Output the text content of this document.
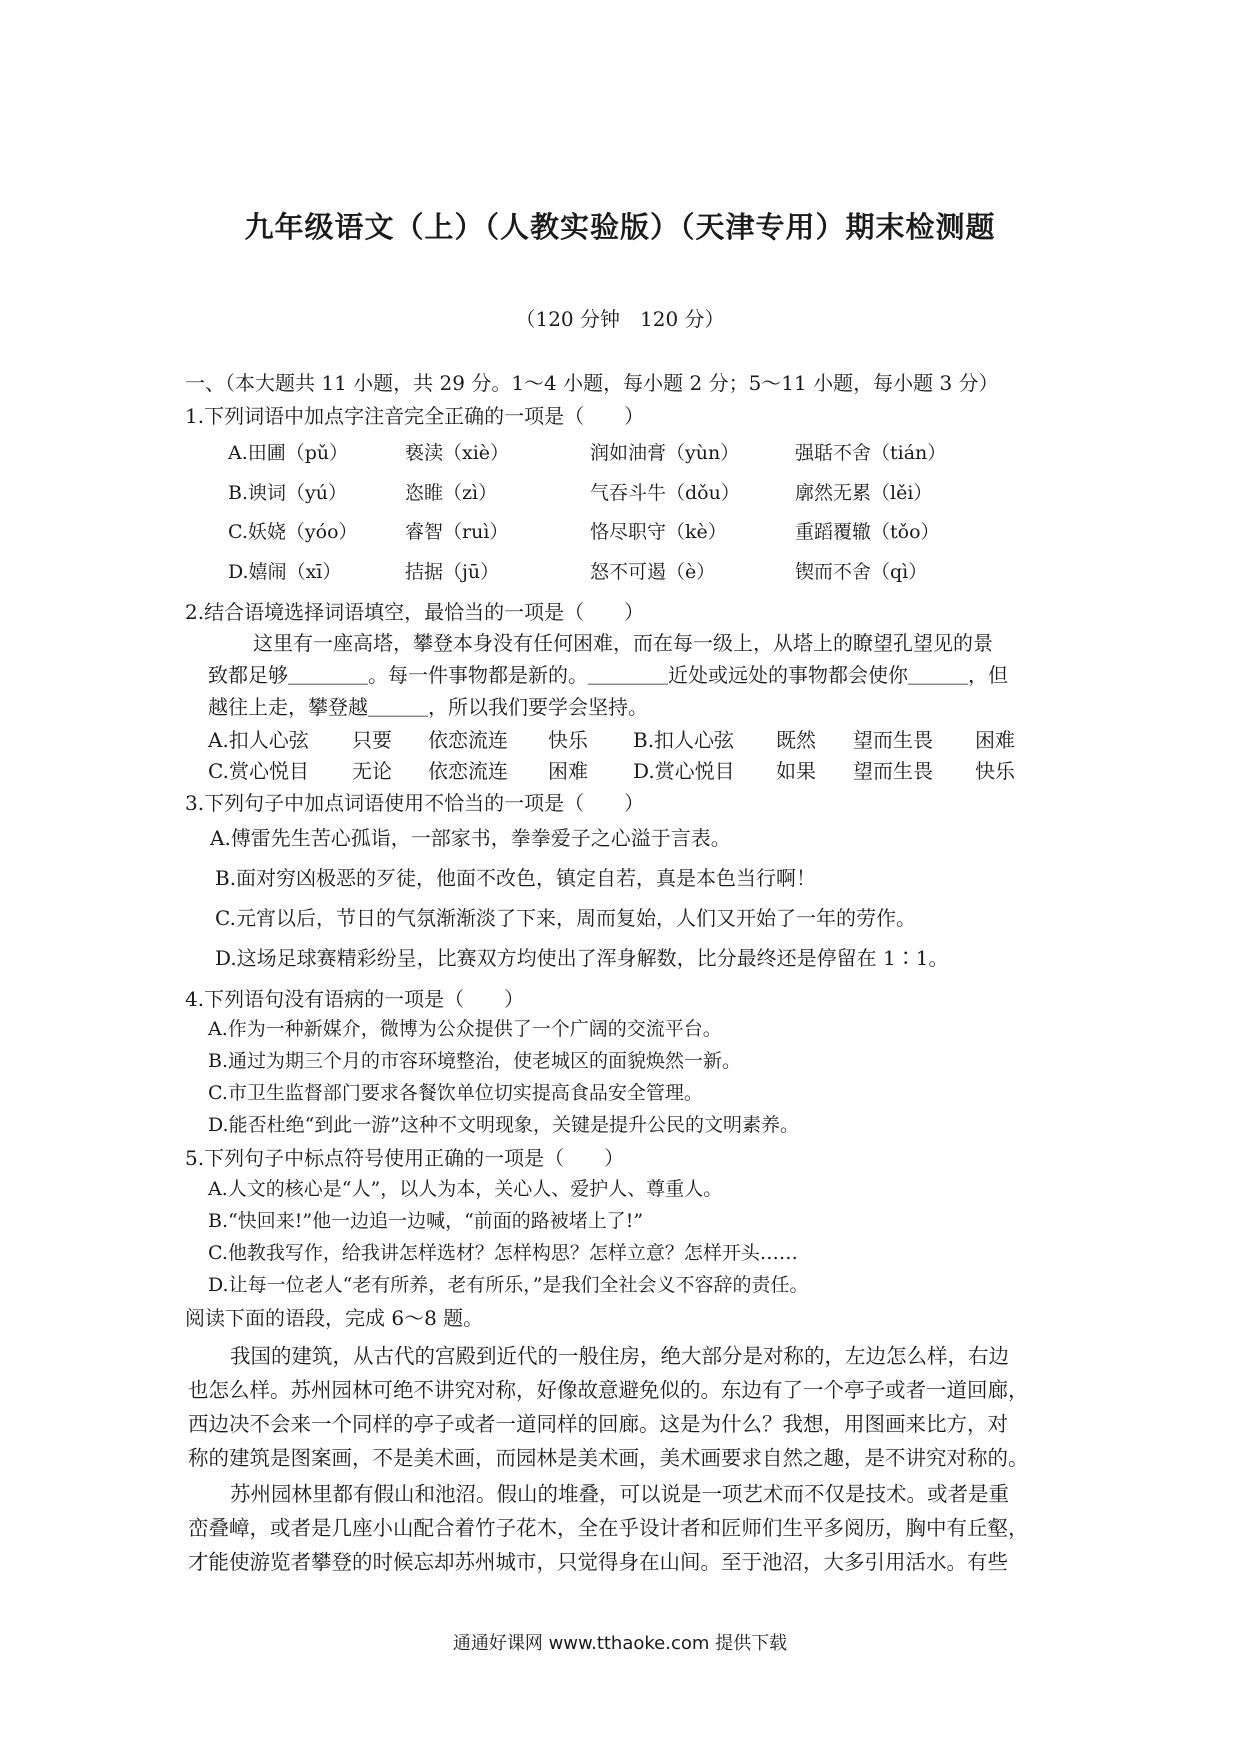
九年级语文（上）（人教实验版）（天津专用）期末检测题
（120 分钟　120 分）
一、（本大题共 11 小题，共 29 分。1～4 小题，每小题 2 分；5～11 小题，每小题 3 分）
1.下列词语中加点字注音完全正确的一项是（　　）
A.田圃（pǔ）	亵渎（xiè）	润如油膏（yùn）	强聒不舍（tián）
B.谀词（yú）	恣睢（zì）	气吞斗牛（dǒu）	廓然无累（lěi）
C.妖娆（yóo） 睿智（ruì）	恪尽职守（kè）	重蹈覆辙（tǒo）
D.嬉闹（xī）	拮据（jū）	怒不可遏（è）	锲而不舍（qì）
2.结合语境选择词语填空，最恰当的一项是（　　）
这里有一座高塔，攀登本身没有任何困难，而在每一级上，从塔上的瞭望孔望见的景
致都足够＿＿＿＿。每一件事物都是新的。＿＿＿＿近处或远处的事物都会使你＿＿＿，但
越往上走，攀登越＿＿＿，所以我们要学会坚持。
A.扣人心弦 只要 依恋流连 快乐 B.扣人心弦 既然 望而生畏 困难
C.赏心悦目 无论 依恋流连 困难 D.赏心悦目 如果 望而生畏 快乐
3.下列句子中加点词语使用不恰当的一项是（　　）
A.傅雷先生苦心孤诣，一部家书，拳拳爱子之心溢于言表。
B.面对穷凶极恶的歹徒，他面不改色，镇定自若，真是本色当行啊！
C.元宵以后，节日的气氛渐渐淡了下来，周而复始，人们又开始了一年的劳作。
D.这场足球赛精彩纷呈，比赛双方均使出了浑身解数，比分最终还是停留在 1∶1。
4.下列语句没有语病的一项是（　　）
A.作为一种新媒介，微博为公众提供了一个广阔的交流平台。
B.通过为期三个月的市容环境整治，使老城区的面貌焕然一新。
C.市卫生监督部门要求各餐饮单位切实提高食品安全管理。
D.能否杜绝“到此一游”这种不文明现象，关键是提升公民的文明素养。
5.下列句子中标点符号使用正确的一项是（　　）
A.人文的核心是“人”，以人为本，关心人、爱护人、尊重人。
B.“快回来!”他一边追一边喊，“前面的路被堵上了!”
C.他教我写作，给我讲怎样选材？怎样构思？怎样立意？怎样开头……
D.让每一位老人“老有所养，老有所乐，”是我们全社会义不容辞的责任。
阅读下面的语段，完成 6～8 题。
我国的建筑，从古代的宫殿到近代的一般住房，绝大部分是对称的，左边怎么样，右边
也怎么样。苏州园林可绝不讲究对称，好像故意避免似的。东边有了一个亭子或者一道回廊，
西边决不会来一个同样的亭子或者一道同样的回廊。这是为什么？我想，用图画来比方，对
称的建筑是图案画，不是美术画，而园林是美术画，美术画要求自然之趣，是不讲究对称的。
苏州园林里都有假山和池沼。假山的堆叠，可以说是一项艺术而不仅是技术。或者是重
峦叠嶂，或者是几座小山配合着竹子花木，全在乎设计者和匠师们生平多阅历，胸中有丘壑，
才能使游览者攀登的时候忘却苏州城市，只觉得身在山间。至于池沼，大多引用活水。有些
通通好课网 www.tthaoke.com 提供下载
